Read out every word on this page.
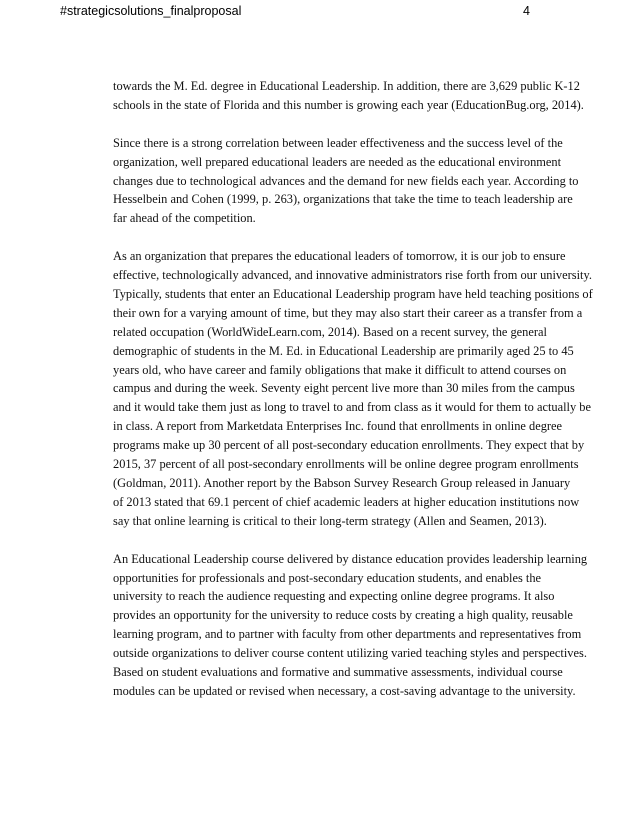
#strategicsolutions_finalproposal	4

towards the M. Ed. degree in Educational Leadership. In addition, there are 3,629 public K-12
schools in the state of Florida and this number is growing each year (EducationBug.org, 2014).

Since there is a strong correlation between leader effectiveness and the success level of the
organization, well prepared educational leaders are needed as the educational environment
changes due to technological advances and the demand for new fields each year. According to
Hesselbein and Cohen (1999, p. 263), organizations that take the time to teach leadership are
far ahead of the competition.

As an organization that prepares the educational leaders of tomorrow, it is our job to ensure
effective, technologically advanced, and innovative administrators rise forth from our university.
Typically, students that enter an Educational Leadership program have held teaching positions of
their own for a varying amount of time, but they may also start their career as a transfer from a
related occupation (WorldWideLearn.com, 2014). Based on a recent survey, the general
demographic of students in the M. Ed. in Educational Leadership are primarily aged 25 to 45
years old, who have career and family obligations that make it difficult to attend courses on
campus and during the week. Seventy eight percent live more than 30 miles from the campus
and it would take them just as long to travel to and from class as it would for them to actually be
in class. A report from Marketdata Enterprises Inc. found that enrollments in online degree
programs make up 30 percent of all post-secondary education enrollments. They expect that by
2015, 37 percent of all post-secondary enrollments will be online degree program enrollments
(Goldman, 2011). Another report by the Babson Survey Research Group released in January
of 2013 stated that 69.1 percent of chief academic leaders at higher education institutions now
say that online learning is critical to their long-term strategy (Allen and Seamen, 2013).

An Educational Leadership course delivered by distance education provides leadership learning
opportunities for professionals and post-secondary education students, and enables the
university to reach the audience requesting and expecting online degree programs. It also
provides an opportunity for the university to reduce costs by creating a high quality, reusable
learning program, and to partner with faculty from other departments and representatives from
outside organizations to deliver course content utilizing varied teaching styles and perspectives.
Based on student evaluations and formative and summative assessments, individual course
modules can be updated or revised when necessary, a cost-saving advantage to the university.
